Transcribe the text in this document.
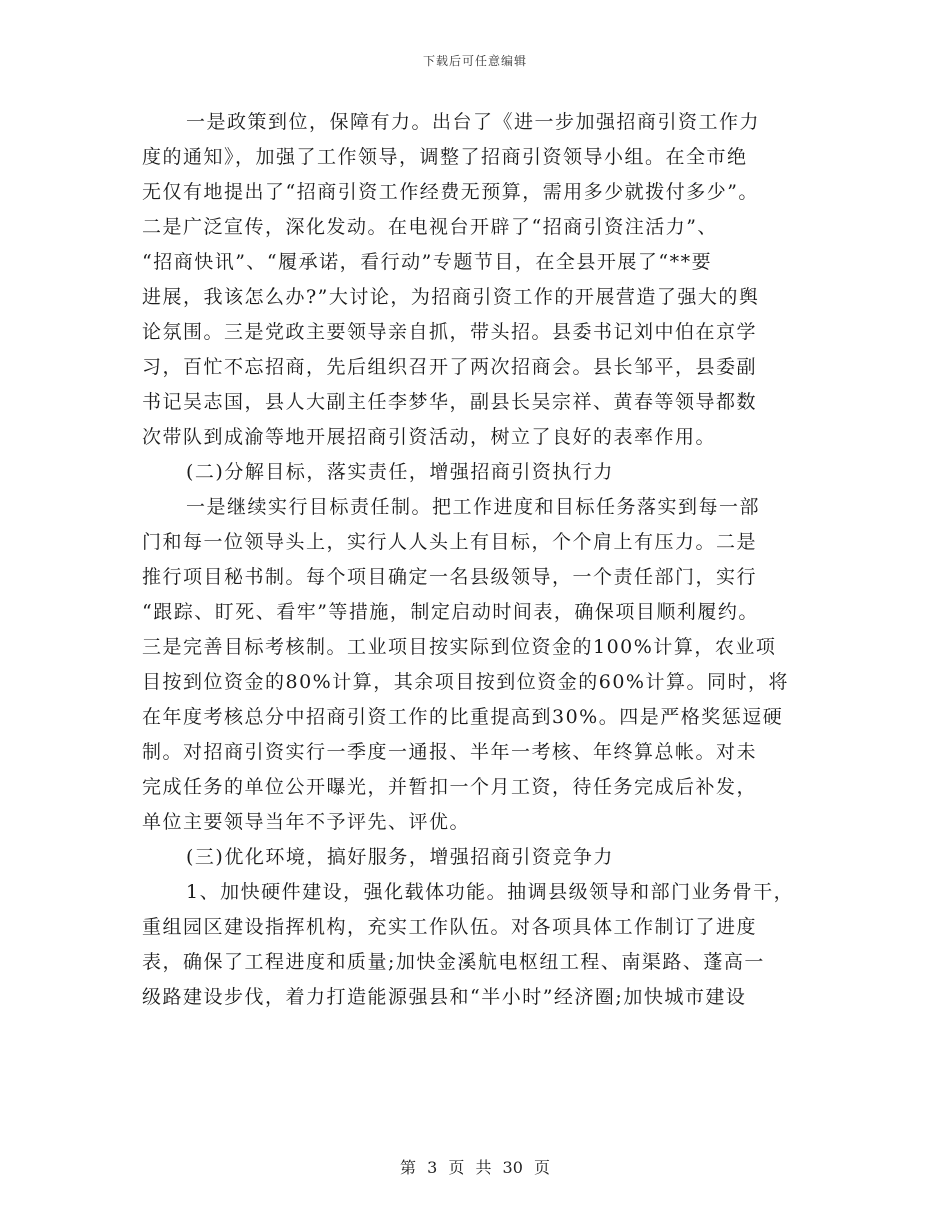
下载后可任意编辑
一是政策到位，保障有力。出台了《进一步加强招商引资工作力
度的通知》，加强了工作领导，调整了招商引资领导小组。在全市绝
无仅有地提出了“招商引资工作经费无预算，需用多少就拨付多少”。
二是广泛宣传，深化发动。在电视台开辟了“招商引资注活力”、
“招商快讯”、“履承诺，看行动”专题节目，在全县开展了“**要
进展，我该怎么办?”大讨论，为招商引资工作的开展营造了强大的舆
论氛围。三是党政主要领导亲自抓，带头招。县委书记刘中伯在京学
习，百忙不忘招商，先后组织召开了两次招商会。县长邹平，县委副
书记吴志国，县人大副主任李梦华，副县长吴宗祥、黄春等领导都数
次带队到成渝等地开展招商引资活动，树立了良好的表率作用。
(二)分解目标，落实责任，增强招商引资执行力
一是继续实行目标责任制。把工作进度和目标任务落实到每一部
门和每一位领导头上，实行人人头上有目标，个个肩上有压力。二是
推行项目秘书制。每个项目确定一名县级领导，一个责任部门，实行
“跟踪、盯死、看牢”等措施，制定启动时间表，确保项目顺利履约。
三是完善目标考核制。工业项目按实际到位资金的100%计算，农业项
目按到位资金的80%计算，其余项目按到位资金的60%计算。同时，将
在年度考核总分中招商引资工作的比重提高到30%。四是严格奖惩逗硬
制。对招商引资实行一季度一通报、半年一考核、年终算总帐。对未
完成任务的单位公开曝光，并暂扣一个月工资，待任务完成后补发，
单位主要领导当年不予评先、评优。
(三)优化环境，搞好服务，增强招商引资竞争力
1、加快硬件建设，强化载体功能。抽调县级领导和部门业务骨干，
重组园区建设指挥机构，充实工作队伍。对各项具体工作制订了进度
表，确保了工程进度和质量;加快金溪航电枢纽工程、南渠路、蓬高一
级路建设步伐，着力打造能源强县和“半小时”经济圈;加快城市建设
第 3 页 共 30 页
